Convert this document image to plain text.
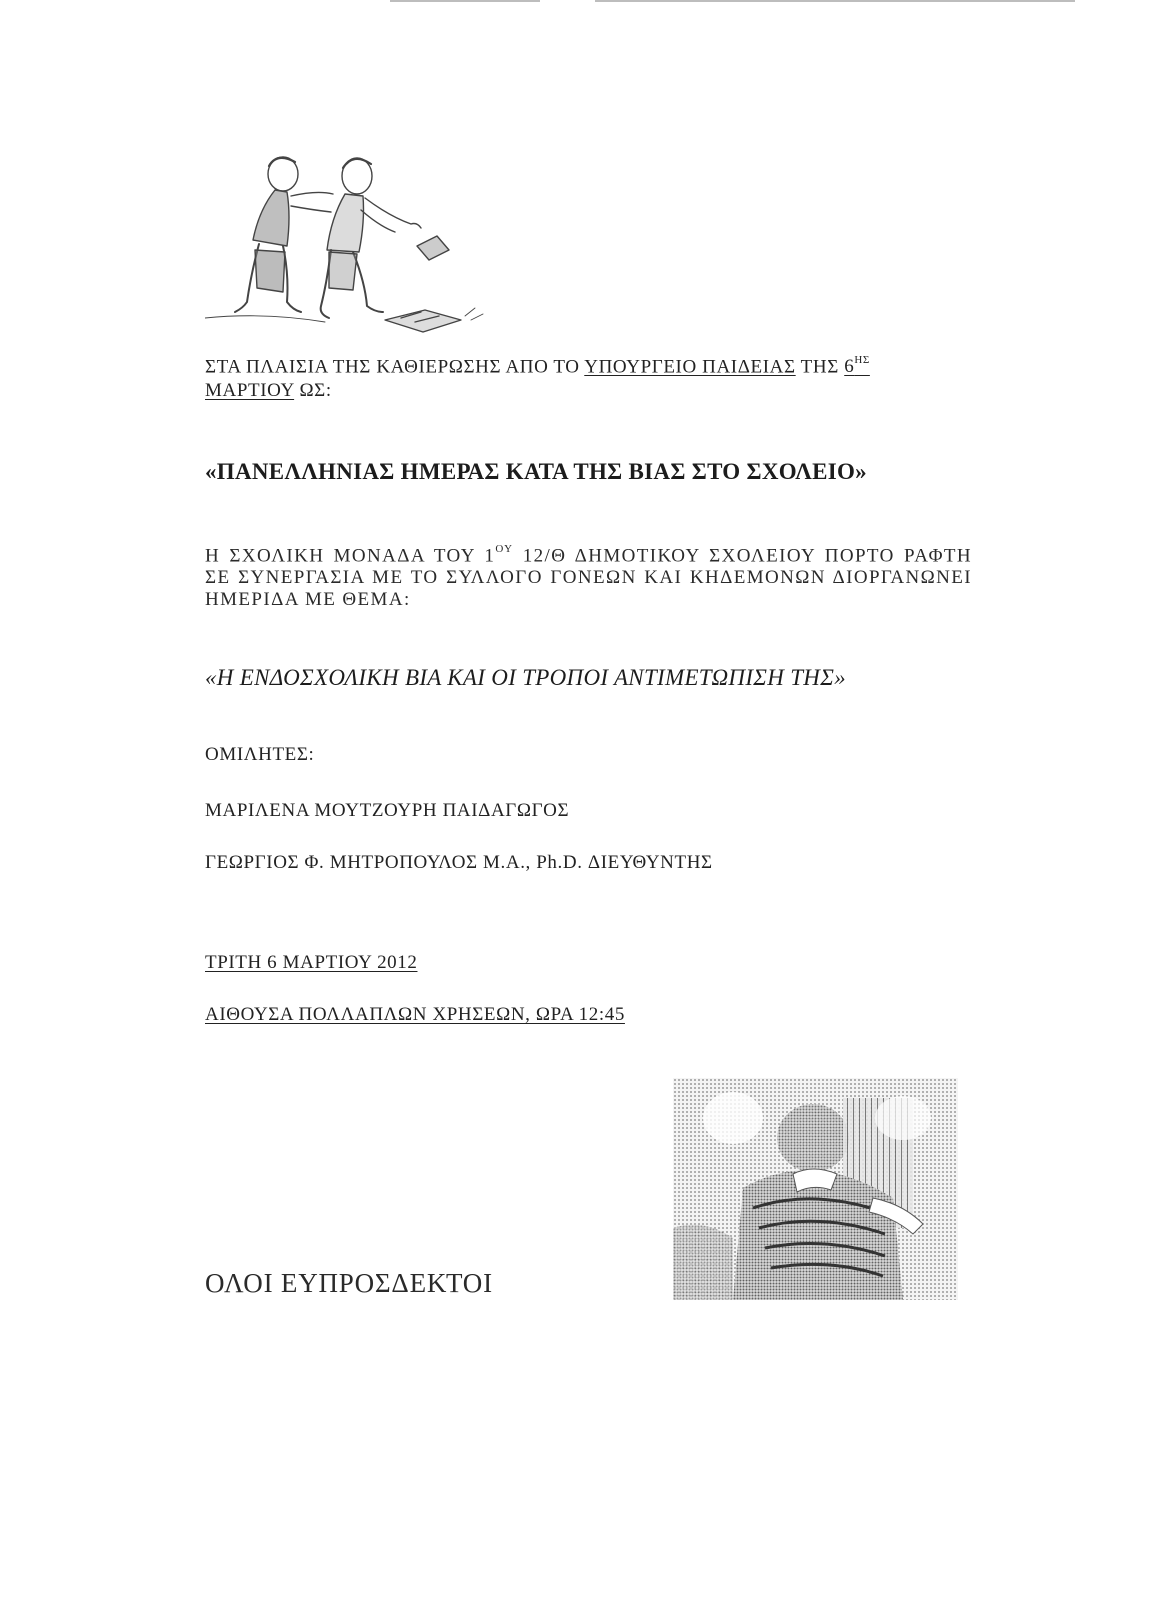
ΣΤΑ ΠΛΑΙΣΙΑ ΤΗΣ ΚΑΘΙΕΡΩΣΗΣ ΑΠΟ ΤΟ ΥΠΟΥΡΓΕΙΟ ΠΑΙΔΕΙΑΣ ΤΗΣ $6^{H\Sigma}$
ΜΑΡΤΙΟΥ ΩΣ:
«ΠΑΝΕΛΛΗΝΙΑΣ ΗΜΕΡΑΣ ΚΑΤΑ ΤΗΣ ΒΙΑΣ ΣΤΟ ΣΧΟΛΕΙΟ»
Η ΣΧΟΛΙΚΗ ΜΟΝΑΔΑ ΤΟΥ $1^{O\Upsilon}$ 12/Θ ΔΗΜΟΤΙΚΟΥ ΣΧΟΛΕΙΟΥ ΠΟΡΤΟ ΡΑΦΤΗ ΣΕ ΣΥΝΕΡΓΑΣΙΑ ΜΕ ΤΟ ΣΥΛΛΟΓΟ ΓΟΝΕΩΝ ΚΑΙ ΚΗΔΕΜΟΝΩΝ ΔΙΟΡΓΑΝΩΝΕΙ ΗΜΕΡΙΔΑ ΜΕ ΘΕΜΑ:
«Η ΕΝΔΟΣΧΟΛΙΚΗ ΒΙΑ ΚΑΙ ΟΙ ΤΡΟΠΟΙ ΑΝΤΙΜΕΤΩΠΙΣΗ ΤΗΣ»
ΟΜΙΛΗΤΕΣ:
ΜΑΡΙΛΕΝΑ ΜΟΥΤΖΟΥΡΗ ΠΑΙΔΑΓΩΓΟΣ
ΓΕΩΡΓΙΟΣ Φ. ΜΗΤΡΟΠΟΥΛΟΣ Μ.Α., Ph.D. ΔΙΕΥΘΥΝΤΗΣ
ΤΡΙΤΗ 6 ΜΑΡΤΙΟΥ 2012
ΑΙΘΟΥΣΑ ΠΟΛΛΑΠΛΩΝ ΧΡΗΣΕΩΝ, ΩΡΑ 12:45
ΟΛΟΙ ΕΥΠΡΟΣΔΕΚΤΟΙ
